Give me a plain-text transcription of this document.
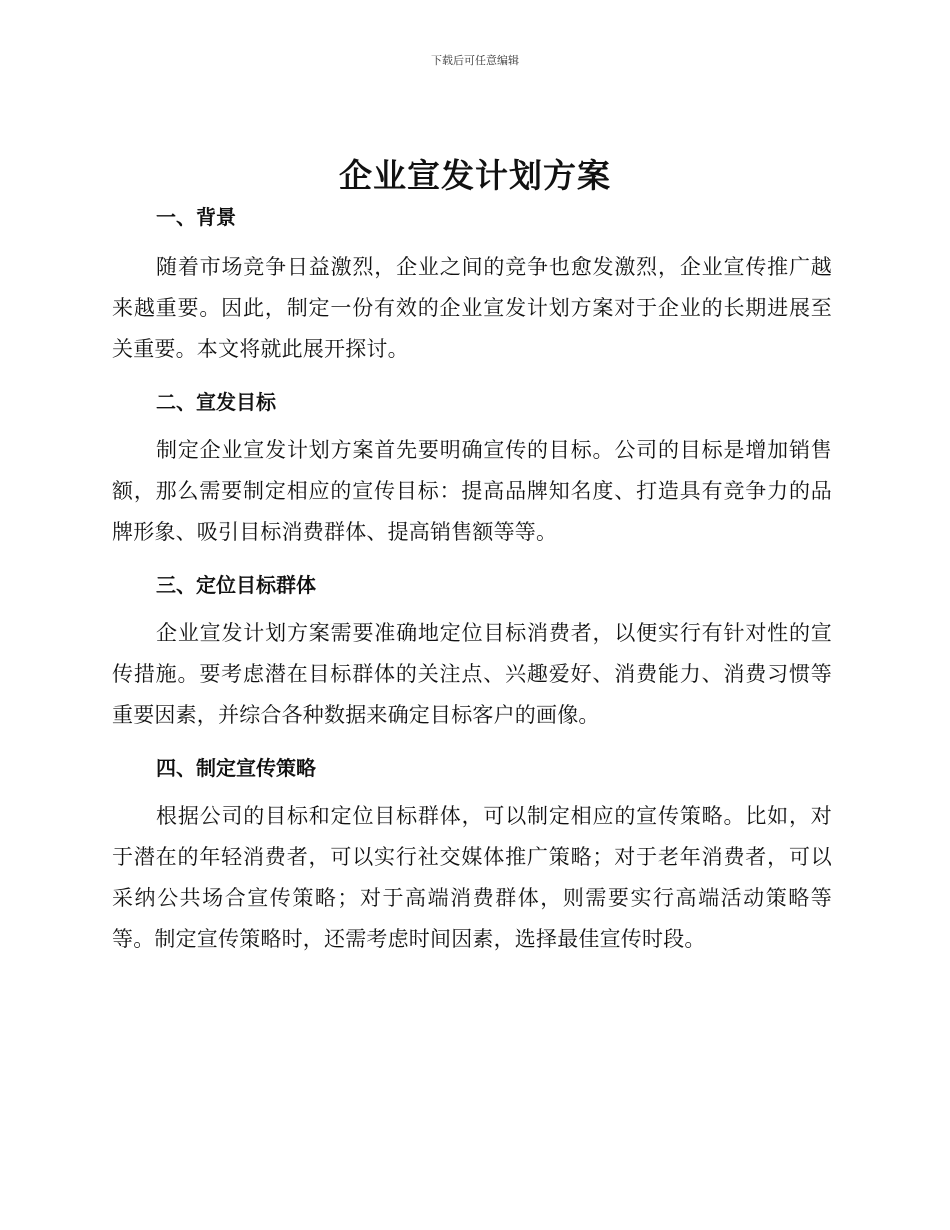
下载后可任意编辑
企业宣发计划方案
一、背景

随着市场竞争日益激烈，企业之间的竞争也愈发激烈，企业宣传推广越来越重要。因此，制定一份有效的企业宣发计划方案对于企业的长期进展至关重要。本文将就此展开探讨。

二、宣发目标

制定企业宣发计划方案首先要明确宣传的目标。公司的目标是增加销售额，那么需要制定相应的宣传目标：提高品牌知名度、打造具有竞争力的品牌形象、吸引目标消费群体、提高销售额等等。

三、定位目标群体

企业宣发计划方案需要准确地定位目标消费者，以便实行有针对性的宣传措施。要考虑潜在目标群体的关注点、兴趣爱好、消费能力、消费习惯等重要因素，并综合各种数据来确定目标客户的画像。

四、制定宣传策略

根据公司的目标和定位目标群体，可以制定相应的宣传策略。比如，对于潜在的年轻消费者，可以实行社交媒体推广策略；对于老年消费者，可以采纳公共场合宣传策略；对于高端消费群体，则需要实行高端活动策略等等。制定宣传策略时，还需考虑时间因素，选择最佳宣传时段。
